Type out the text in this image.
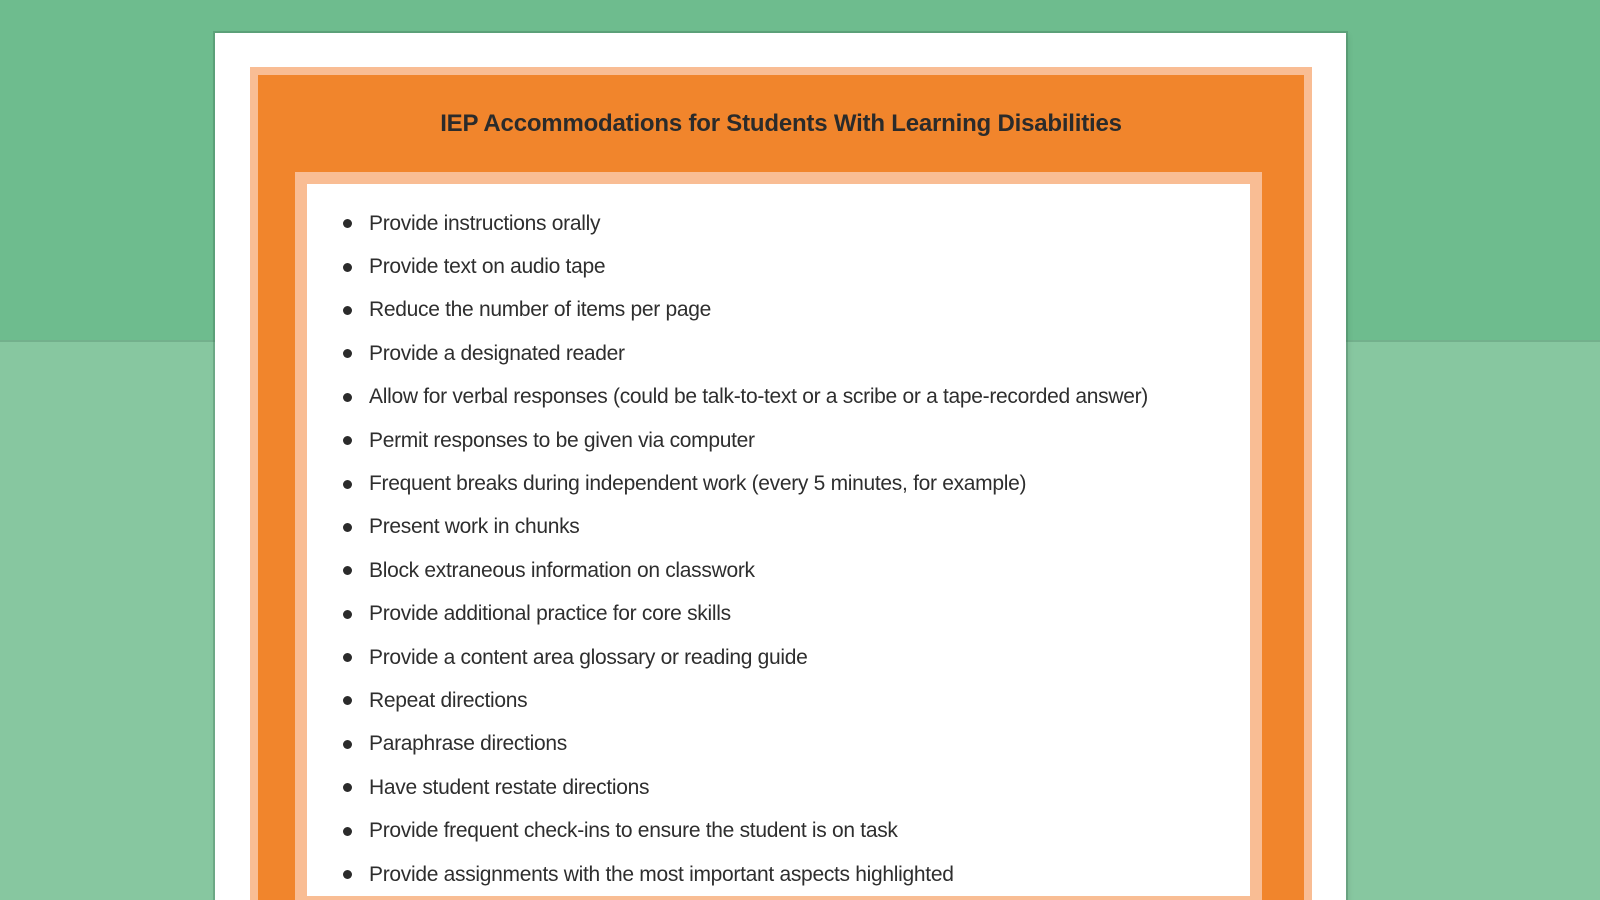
IEP Accommodations for Students With Learning Disabilities
Provide instructions orally
Provide text on audio tape
Reduce the number of items per page
Provide a designated reader
Allow for verbal responses (could be talk-to-text or a scribe or a tape-recorded answer)
Permit responses to be given via computer
Frequent breaks during independent work (every 5 minutes, for example)
Present work in chunks
Block extraneous information on classwork
Provide additional practice for core skills
Provide a content area glossary or reading guide
Repeat directions
Paraphrase directions
Have student restate directions
Provide frequent check-ins to ensure the student is on task
Provide assignments with the most important aspects highlighted
